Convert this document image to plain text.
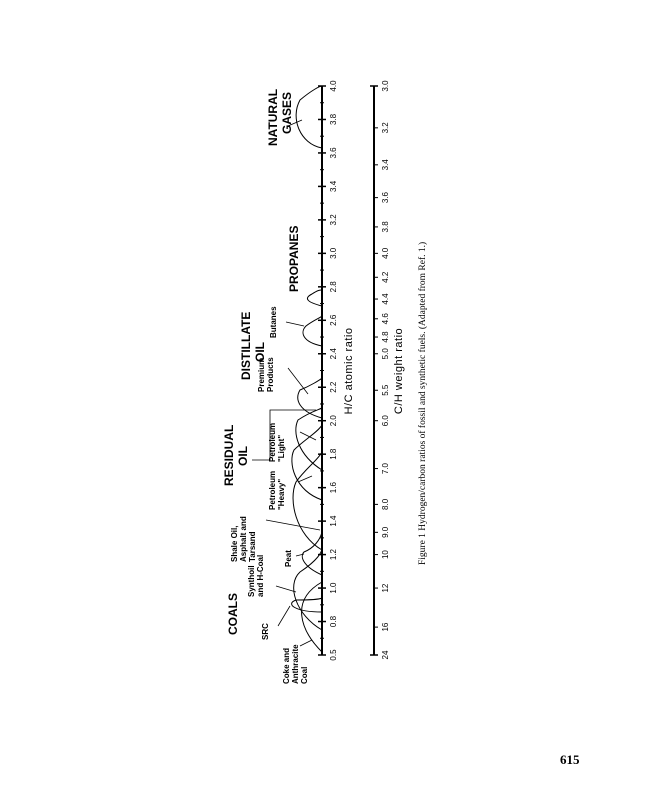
0.5
0.8
1.0
1.2
1.4
1.6
1.8
2.0
2.2
2.4
2.6
2.8
3.0
3.2
3.4
3.6
3.8
4.0
H/C atomic ratio
24
16
12
10
9.0
8.0
7.0
6.0
5.5
5.0
4.8
4.6
4.4
4.2
4.0
3.8
3.6
3.4
3.2
3.0
C/H weight ratio
COALS
RESIDUAL OIL
DISTILLATE OIL
PROPANES
NATURAL GASES
Coke and Anthracite Coal
SRC
Synthoil and H-Coal Peat
Shale Oil, Asphalt and Tarsand
Petroleum "Heavy"
Petroleum "Light"
Premium Products
Butanes	Figure 1 Hydrogen/carbon ratios of fossil and synthetic fuels. (Adapted from Ref. 1.)
615
